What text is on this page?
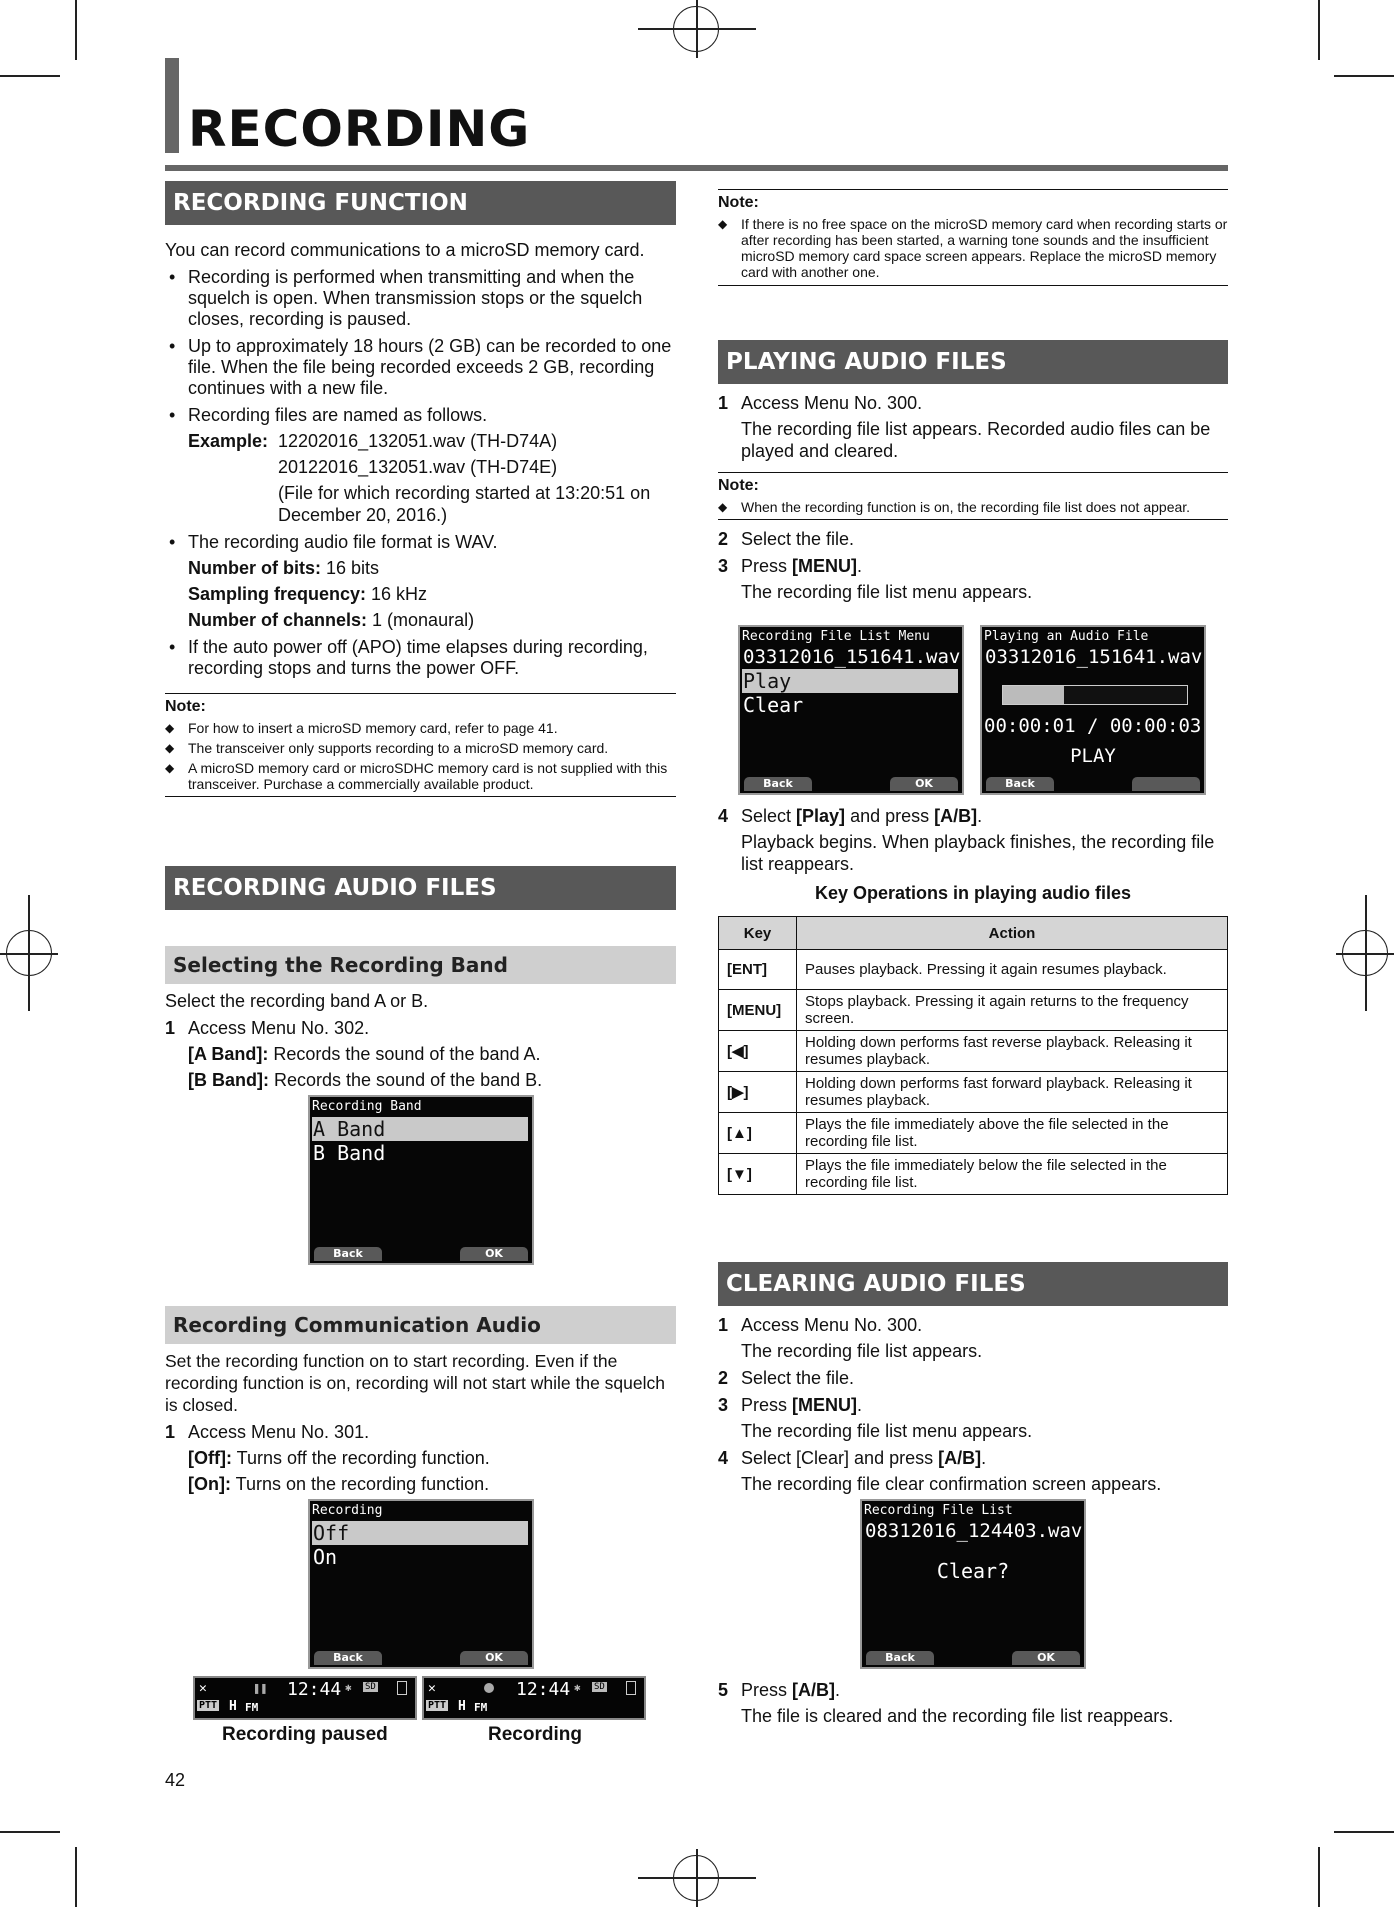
RECORDING
RECORDING FUNCTION

You can record communications to a microSD memory card.

• Recording is performed when transmitting and when the squelch is open. When transmission stops or the squelch closes, recording is paused.
• Up to approximately 18 hours (2 GB) can be recorded to one file. When the file being recorded exceeds 2 GB, recording continues with a new file.
• Recording files are named as follows.
Example: 12202016_132051.wav (TH-D74A)
20122016_132051.wav (TH-D74E)
(File for which recording started at 13:20:51 on December 20, 2016.)
• The recording audio file format is WAV.
Number of bits: 16 bits
Sampling frequency: 16 kHz
Number of channels: 1 (monaural)
• If the auto power off (APO) time elapses during recording, recording stops and turns the power OFF.
Note:
◆ For how to insert a microSD memory card, refer to page 41.
◆ The transceiver only supports recording to a microSD memory card.
◆ A microSD memory card or microSDHC memory card is not supplied with this transceiver. Purchase a commercially available product.
RECORDING AUDIO FILES
Selecting the Recording Band

Select the recording band A or B.

1 Access Menu No. 302.
[A Band]: Records the sound of the band A.
[B Band]: Records the sound of the band B.
Recording Band
A Band
B Band
Back	OK
Recording Communication Audio

Set the recording function on to start recording. Even if the recording function is on, recording will not start while the squelch is closed.

1 Access Menu No. 301.
[Off]: Turns off the recording function.
[On]: Turns on the recording function.
Recording
Off
On
Back	OK
✕	❚❚ 12:44 ✱ SD
PTT H FM
✕	12:44 ✱ SD
PTT H FM
Recording paused	Recording
42
Note:
◆ If there is no free space on the microSD memory card when recording starts or after recording has been started, a warning tone sounds and the insufficient microSD memory card space screen appears. Replace the microSD memory card with another one.
PLAYING AUDIO FILES
1 Access Menu No. 300.
The recording file list appears. Recorded audio files can be played and cleared.
Note:
◆ When the recording function is on, the recording file list does not appear.
2 Select the file.
3 Press [MENU].
The recording file list menu appears.
Recording File List Menu
03312016_151641.wav
Play
Clear
Back	OK
Playing an Audio File
03312016_151641.wav
00:00:01 / 00:00:03
PLAY
Back
4 Select [Play] and press [A/B].
Playback begins. When playback finishes, the recording file list reappears.
Key Operations in playing audio files
Key	Action
[ENT]	Pauses playback. Pressing it again resumes playback.
[MENU]	Stops playback. Pressing it again returns to the frequency screen.
[◀]	Holding down performs fast reverse playback. Releasing it resumes playback.
[▶]	Holding down performs fast forward playback. Releasing it resumes playback.
[▲]	Plays the file immediately above the file selected in the recording file list.
[▼]	Plays the file immediately below the file selected in the recording file list.
CLEARING AUDIO FILES
1 Access Menu No. 300.
The recording file list appears.
2 Select the file.
3 Press [MENU].
The recording file list menu appears.
4 Select [Clear] and press [A/B].
The recording file clear confirmation screen appears.
Recording File List
08312016_124403.wav
Clear?
Back	OK
5 Press [A/B].
The file is cleared and the recording file list reappears.
